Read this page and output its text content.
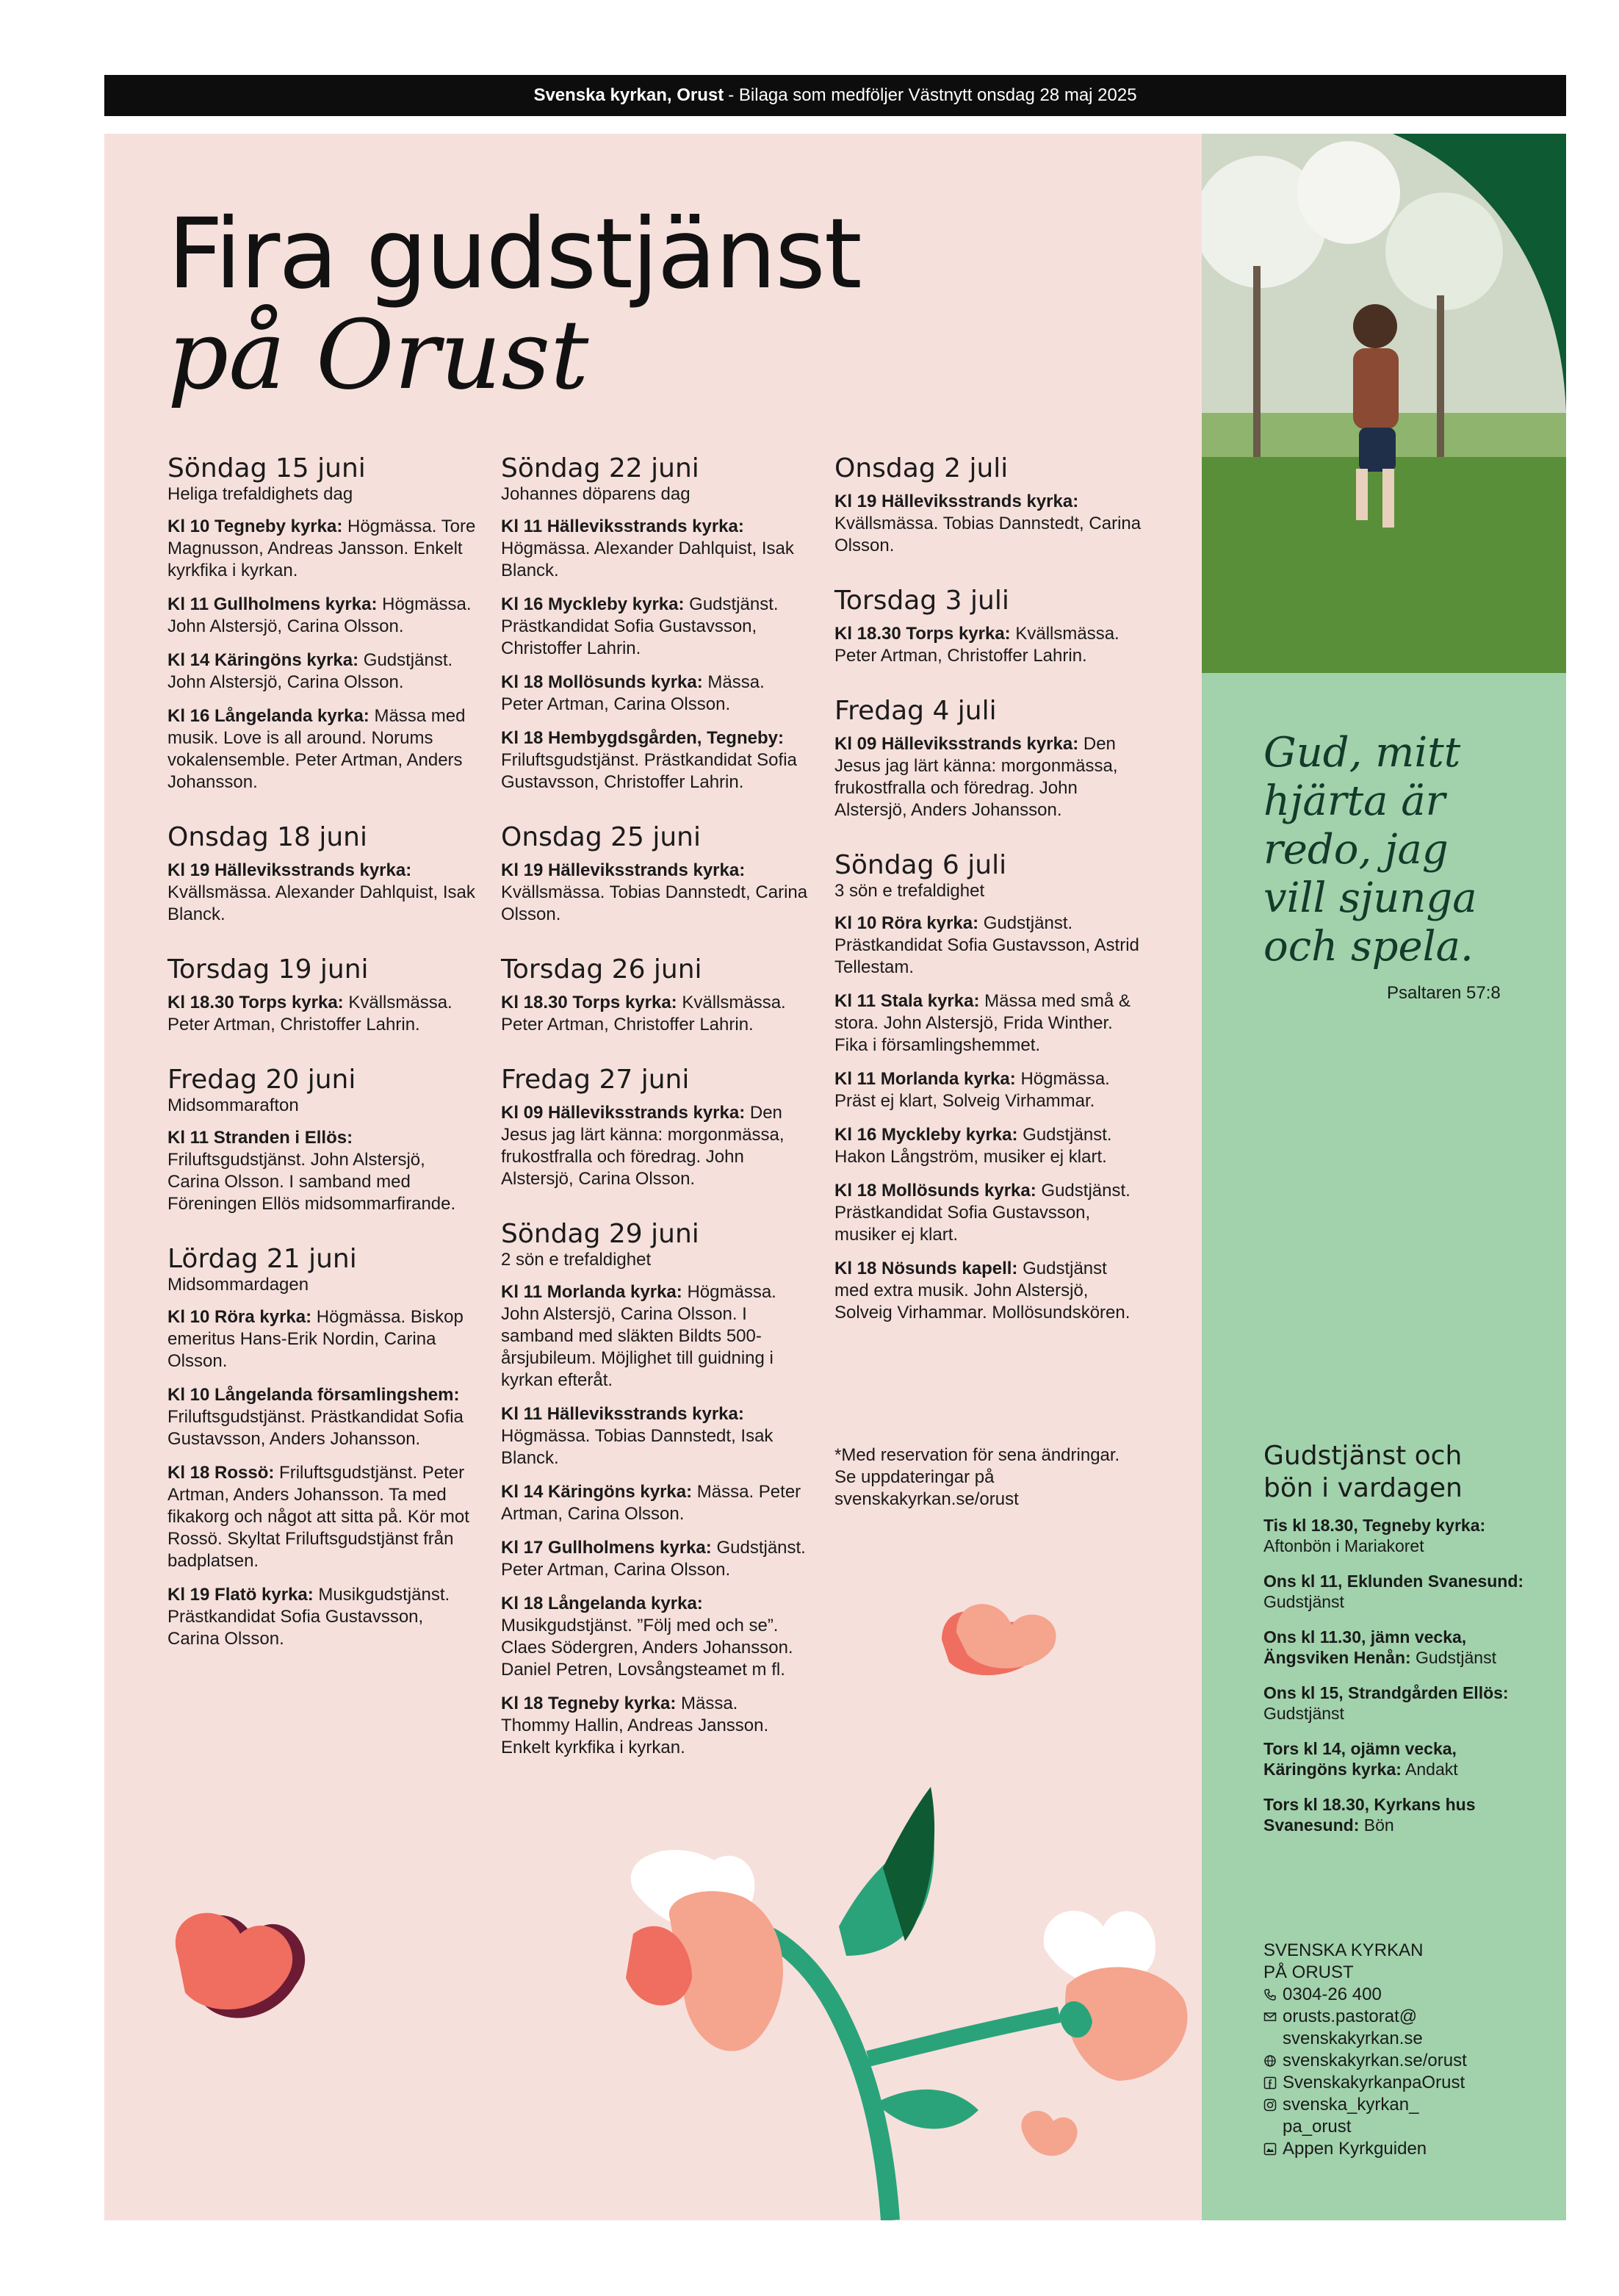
Svenska kyrkan, Orust - Bilaga som medföljer Västnytt onsdag 28 maj 2025
Fira gudstjänst
på Orust
Söndag 15 juni
Heliga trefaldighets dag
Kl 10 Tegneby kyrka: Högmässa. Tore Magnusson, Andreas Jansson. Enkelt kyrkfika i kyrkan.
Kl 11 Gullholmens kyrka: Högmässa. John Alstersjö, Carina Olsson.
Kl 14 Käringöns kyrka: Gudstjänst. John Alstersjö, Carina Olsson.
Kl 16 Långelanda kyrka: Mässa med musik. Love is all around. Norums vokalensemble. Peter Artman, Anders Johansson.
Onsdag 18 juni
Kl 19 Hälleviksstrands kyrka: Kvällsmässa. Alexander Dahlquist, Isak Blanck.
Torsdag 19 juni
Kl 18.30 Torps kyrka: Kvällsmässa. Peter Artman, Christoffer Lahrin.
Fredag 20 juni
Midsommarafton
Kl 11 Stranden i Ellös: Friluftsgudstjänst. John Alstersjö, Carina Olsson. I samband med Föreningen Ellös midsommarfirande.
Lördag 21 juni
Midsommardagen
Kl 10 Röra kyrka: Högmässa. Biskop emeritus Hans-Erik Nordin, Carina Olsson.
Kl 10 Långelanda församlingshem: Friluftsgudstjänst. Prästkandidat Sofia Gustavsson, Anders Johansson.
Kl 18 Rossö: Friluftsgudstjänst. Peter Artman, Anders Johansson. Ta med fikakorg och något att sitta på. Kör mot Rossö. Skyltat Friluftsgudstjänst från badplatsen.
Kl 19 Flatö kyrka: Musikgudstjänst. Prästkandidat Sofia Gustavsson, Carina Olsson.
Söndag 22 juni
Johannes döparens dag
Kl 11 Hälleviksstrands kyrka: Högmässa. Alexander Dahlquist, Isak Blanck.
Kl 16 Myckleby kyrka: Gudstjänst. Prästkandidat Sofia Gustavsson, Christoffer Lahrin.
Kl 18 Mollösunds kyrka: Mässa. Peter Artman, Carina Olsson.
Kl 18 Hembygdsgården, Tegneby: Friluftsgudstjänst. Prästkandidat Sofia Gustavsson, Christoffer Lahrin.
Onsdag 25 juni
Kl 19 Hälleviksstrands kyrka: Kvällsmässa. Tobias Dannstedt, Carina Olsson.
Torsdag 26 juni
Kl 18.30 Torps kyrka: Kvällsmässa. Peter Artman, Christoffer Lahrin.
Fredag 27 juni
Kl 09 Hälleviksstrands kyrka: Den Jesus jag lärt känna: morgonmässa, frukostfralla och föredrag. John Alstersjö, Carina Olsson.
Söndag 29 juni
2 sön e trefaldighet
Kl 11 Morlanda kyrka: Högmässa. John Alstersjö, Carina Olsson. I samband med släkten Bildts 500-årsjubileum. Möjlighet till guidning i kyrkan efteråt.
Kl 11 Hälleviksstrands kyrka: Högmässa. Tobias Dannstedt, Isak Blanck.
Kl 14 Käringöns kyrka: Mässa. Peter Artman, Carina Olsson.
Kl 17 Gullholmens kyrka: Gudstjänst. Peter Artman, Carina Olsson.
Kl 18 Långelanda kyrka: Musikgudstjänst. ”Följ med och se”. Claes Södergren, Anders Johansson. Daniel Petren, Lovsångsteamet m fl.
Kl 18 Tegneby kyrka: Mässa. Thommy Hallin, Andreas Jansson. Enkelt kyrkfika i kyrkan.
Onsdag 2 juli
Kl 19 Hälleviksstrands kyrka: Kvällsmässa. Tobias Dannstedt, Carina Olsson.
Torsdag 3 juli
Kl 18.30 Torps kyrka: Kvällsmässa. Peter Artman, Christoffer Lahrin.
Fredag 4 juli
Kl 09 Hälleviksstrands kyrka: Den Jesus jag lärt känna: morgonmässa, frukostfralla och föredrag. John Alstersjö, Anders Johansson.
Söndag 6 juli
3 sön e trefaldighet
Kl 10 Röra kyrka: Gudstjänst. Prästkandidat Sofia Gustavsson, Astrid Tellestam.
Kl 11 Stala kyrka: Mässa med små & stora. John Alstersjö, Frida Winther. Fika i församlingshemmet.
Kl 11 Morlanda kyrka: Högmässa. Präst ej klart, Solveig Virhammar.
Kl 16 Myckleby kyrka: Gudstjänst. Hakon Långström, musiker ej klart.
Kl 18 Mollösunds kyrka: Gudstjänst. Prästkandidat Sofia Gustavsson, musiker ej klart.
Kl 18 Nösunds kapell: Gudstjänst med extra musik. John Alstersjö, Solveig Virhammar. Mollösundskören.
*Med reservation för sena ändringar. Se uppdateringar på svenskakyrkan.se/orust
Gud, mitt
hjärta är
redo, jag
vill sjunga
och spela.
Psaltaren 57:8
Gudstjänst och
bön i vardagen
Tis kl 18.30, Tegneby kyrka: Aftonbön i Mariakoret
Ons kl 11, Eklunden Svanesund: Gudstjänst
Ons kl 11.30, jämn vecka, Ängsviken Henån: Gudstjänst
Ons kl 15, Strandgården Ellös: Gudstjänst
Tors kl 14, ojämn vecka, Käringöns kyrka: Andakt
Tors kl 18.30, Kyrkans hus Svanesund: Bön
SVENSKA KYRKAN
PÅ ORUST
0304-26 400
orusts.pastorat@
svenskakyrkan.se
svenskakyrkan.se/orust
SvenskakyrkanpaOrust
svenska_kyrkan_
pa_orust
Appen Kyrkguiden
